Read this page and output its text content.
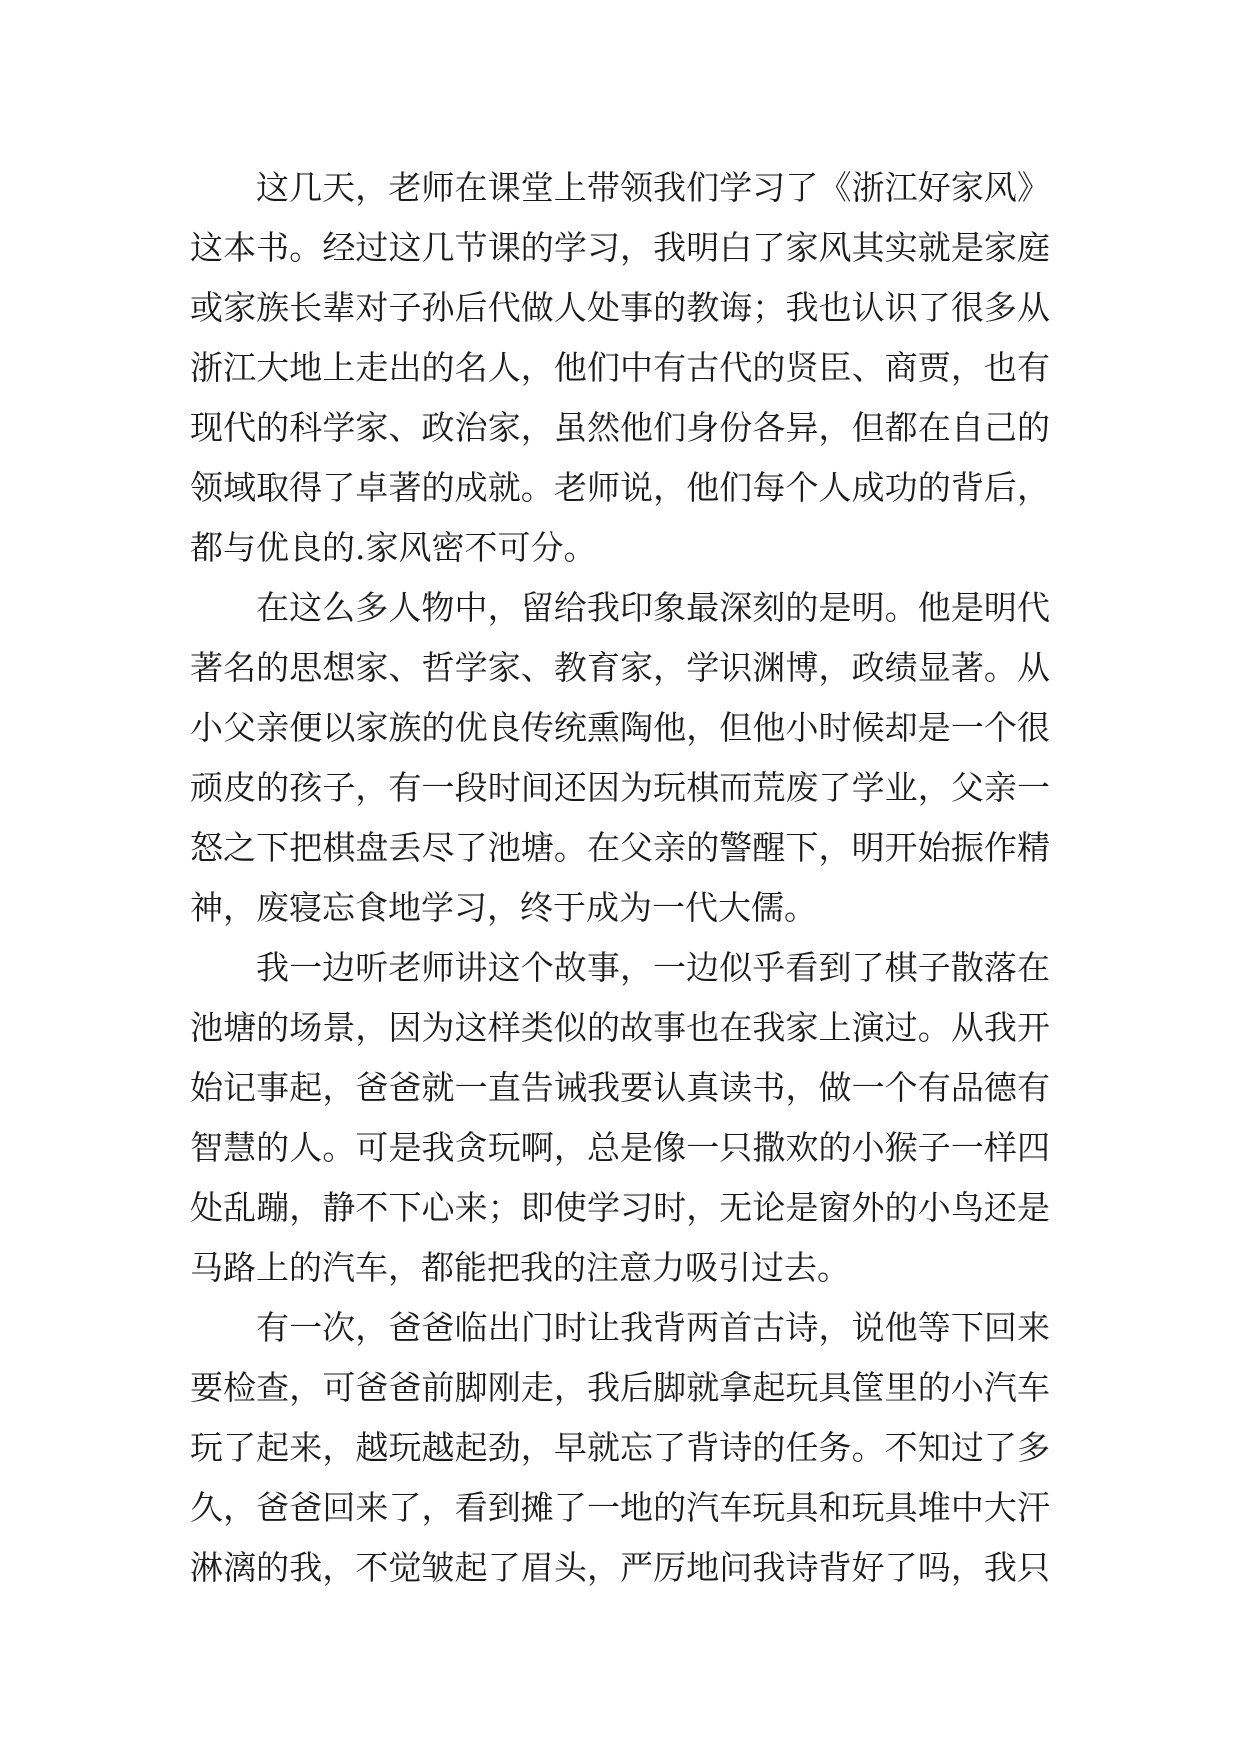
这几天，老师在课堂上带领我们学习了《浙江好家风》
这本书。经过这几节课的学习，我明白了家风其实就是家庭
或家族长辈对子孙后代做人处事的教诲；我也认识了很多从
浙江大地上走出的名人，他们中有古代的贤臣、商贾，也有
现代的科学家、政治家，虽然他们身份各异，但都在自己的
领域取得了卓著的成就。老师说，他们每个人成功的背后，
都与优良的.家风密不可分。
在这么多人物中，留给我印象最深刻的是明。他是明代
著名的思想家、哲学家、教育家，学识渊博，政绩显著。从
小父亲便以家族的优良传统熏陶他，但他小时候却是一个很
顽皮的孩子，有一段时间还因为玩棋而荒废了学业，父亲一
怒之下把棋盘丢尽了池塘。在父亲的警醒下，明开始振作精
神，废寝忘食地学习，终于成为一代大儒。
我一边听老师讲这个故事，一边似乎看到了棋子散落在
池塘的场景，因为这样类似的故事也在我家上演过。从我开
始记事起，爸爸就一直告诫我要认真读书，做一个有品德有
智慧的人。可是我贪玩啊，总是像一只撒欢的小猴子一样四
处乱蹦，静不下心来；即使学习时，无论是窗外的小鸟还是
马路上的汽车，都能把我的注意力吸引过去。
有一次，爸爸临出门时让我背两首古诗，说他等下回来
要检查，可爸爸前脚刚走，我后脚就拿起玩具筐里的小汽车
玩了起来，越玩越起劲，早就忘了背诗的任务。不知过了多
久，爸爸回来了，看到摊了一地的汽车玩具和玩具堆中大汗
淋漓的我，不觉皱起了眉头，严厉地问我诗背好了吗，我只
